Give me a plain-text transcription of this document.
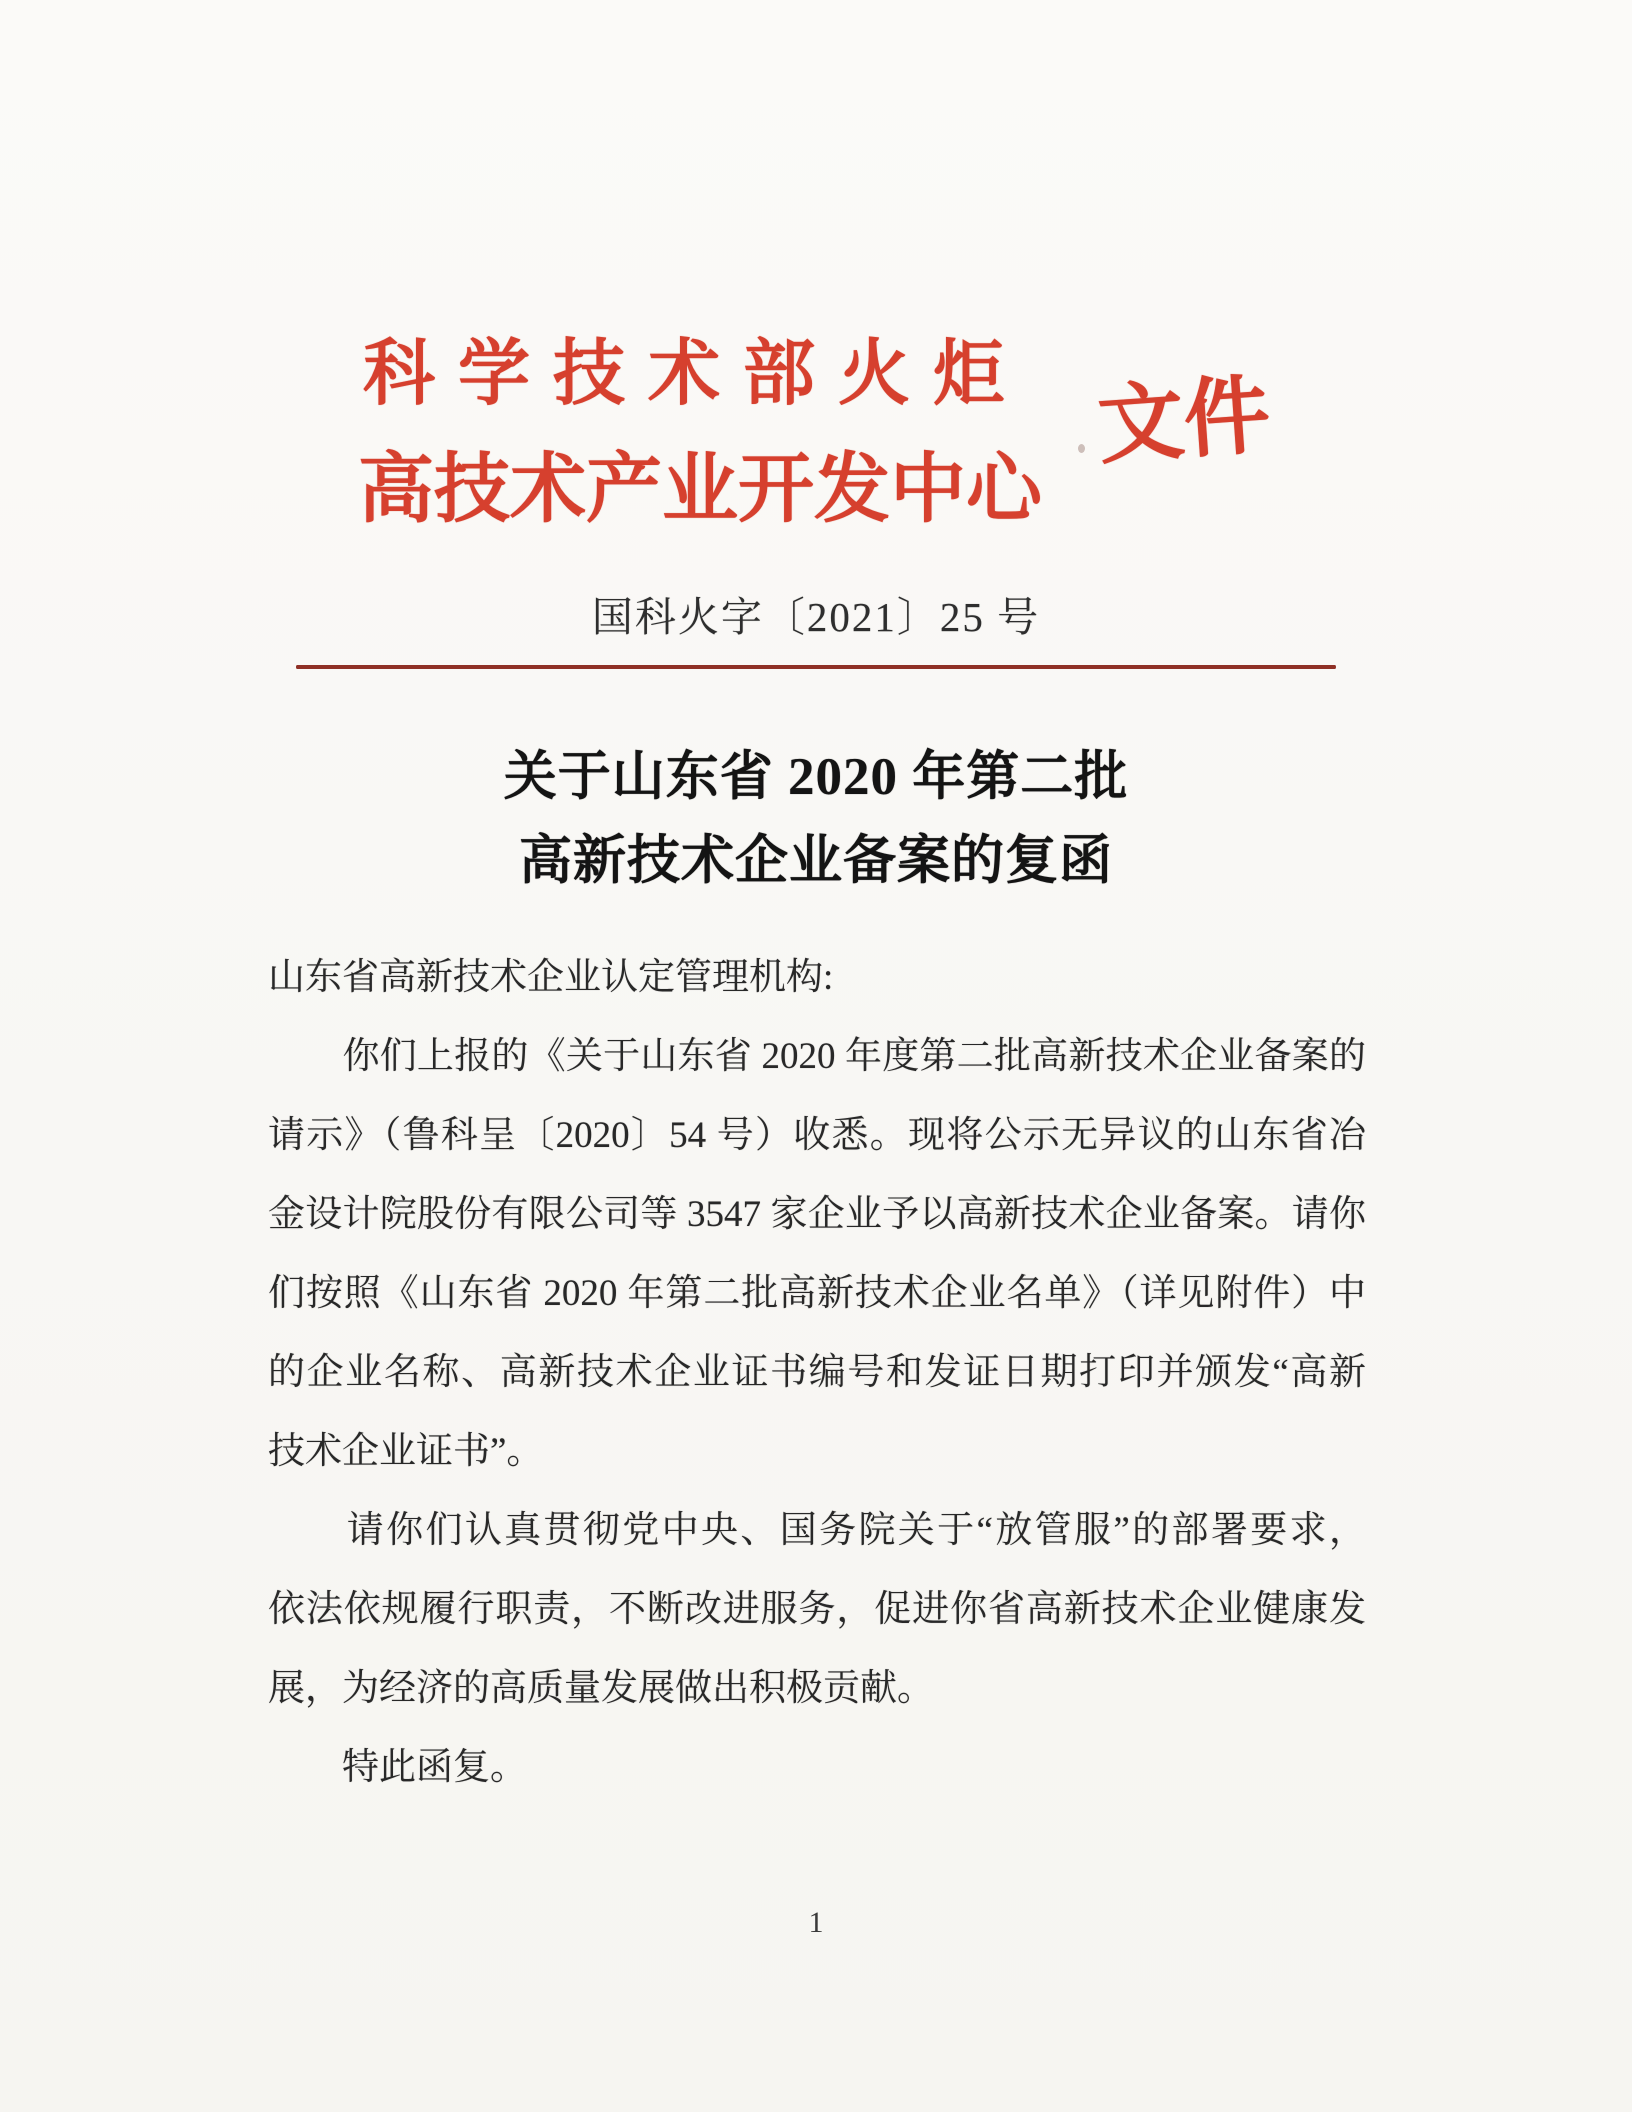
科学技术部火炬
高技术产业开发中心
文件
国科火字〔2021〕25 号
关于山东省 2020 年第二批
高新技术企业备案的复函
山东省高新技术企业认定管理机构:
　　你们上报的《关于山东省 2020 年度第二批高新技术企业备案的
请示》（鲁科呈〔2020〕54 号）收悉。现将公示无异议的山东省冶
金设计院股份有限公司等 3547 家企业予以高新技术企业备案。请你
们按照《山东省 2020 年第二批高新技术企业名单》（详见附件）中
的企业名称、高新技术企业证书编号和发证日期打印并颁发“高新
技术企业证书”。
　　请你们认真贯彻党中央、国务院关于“放管服”的部署要求，
依法依规履行职责，不断改进服务，促进你省高新技术企业健康发
展，为经济的高质量发展做出积极贡献。
　　特此函复。
1
